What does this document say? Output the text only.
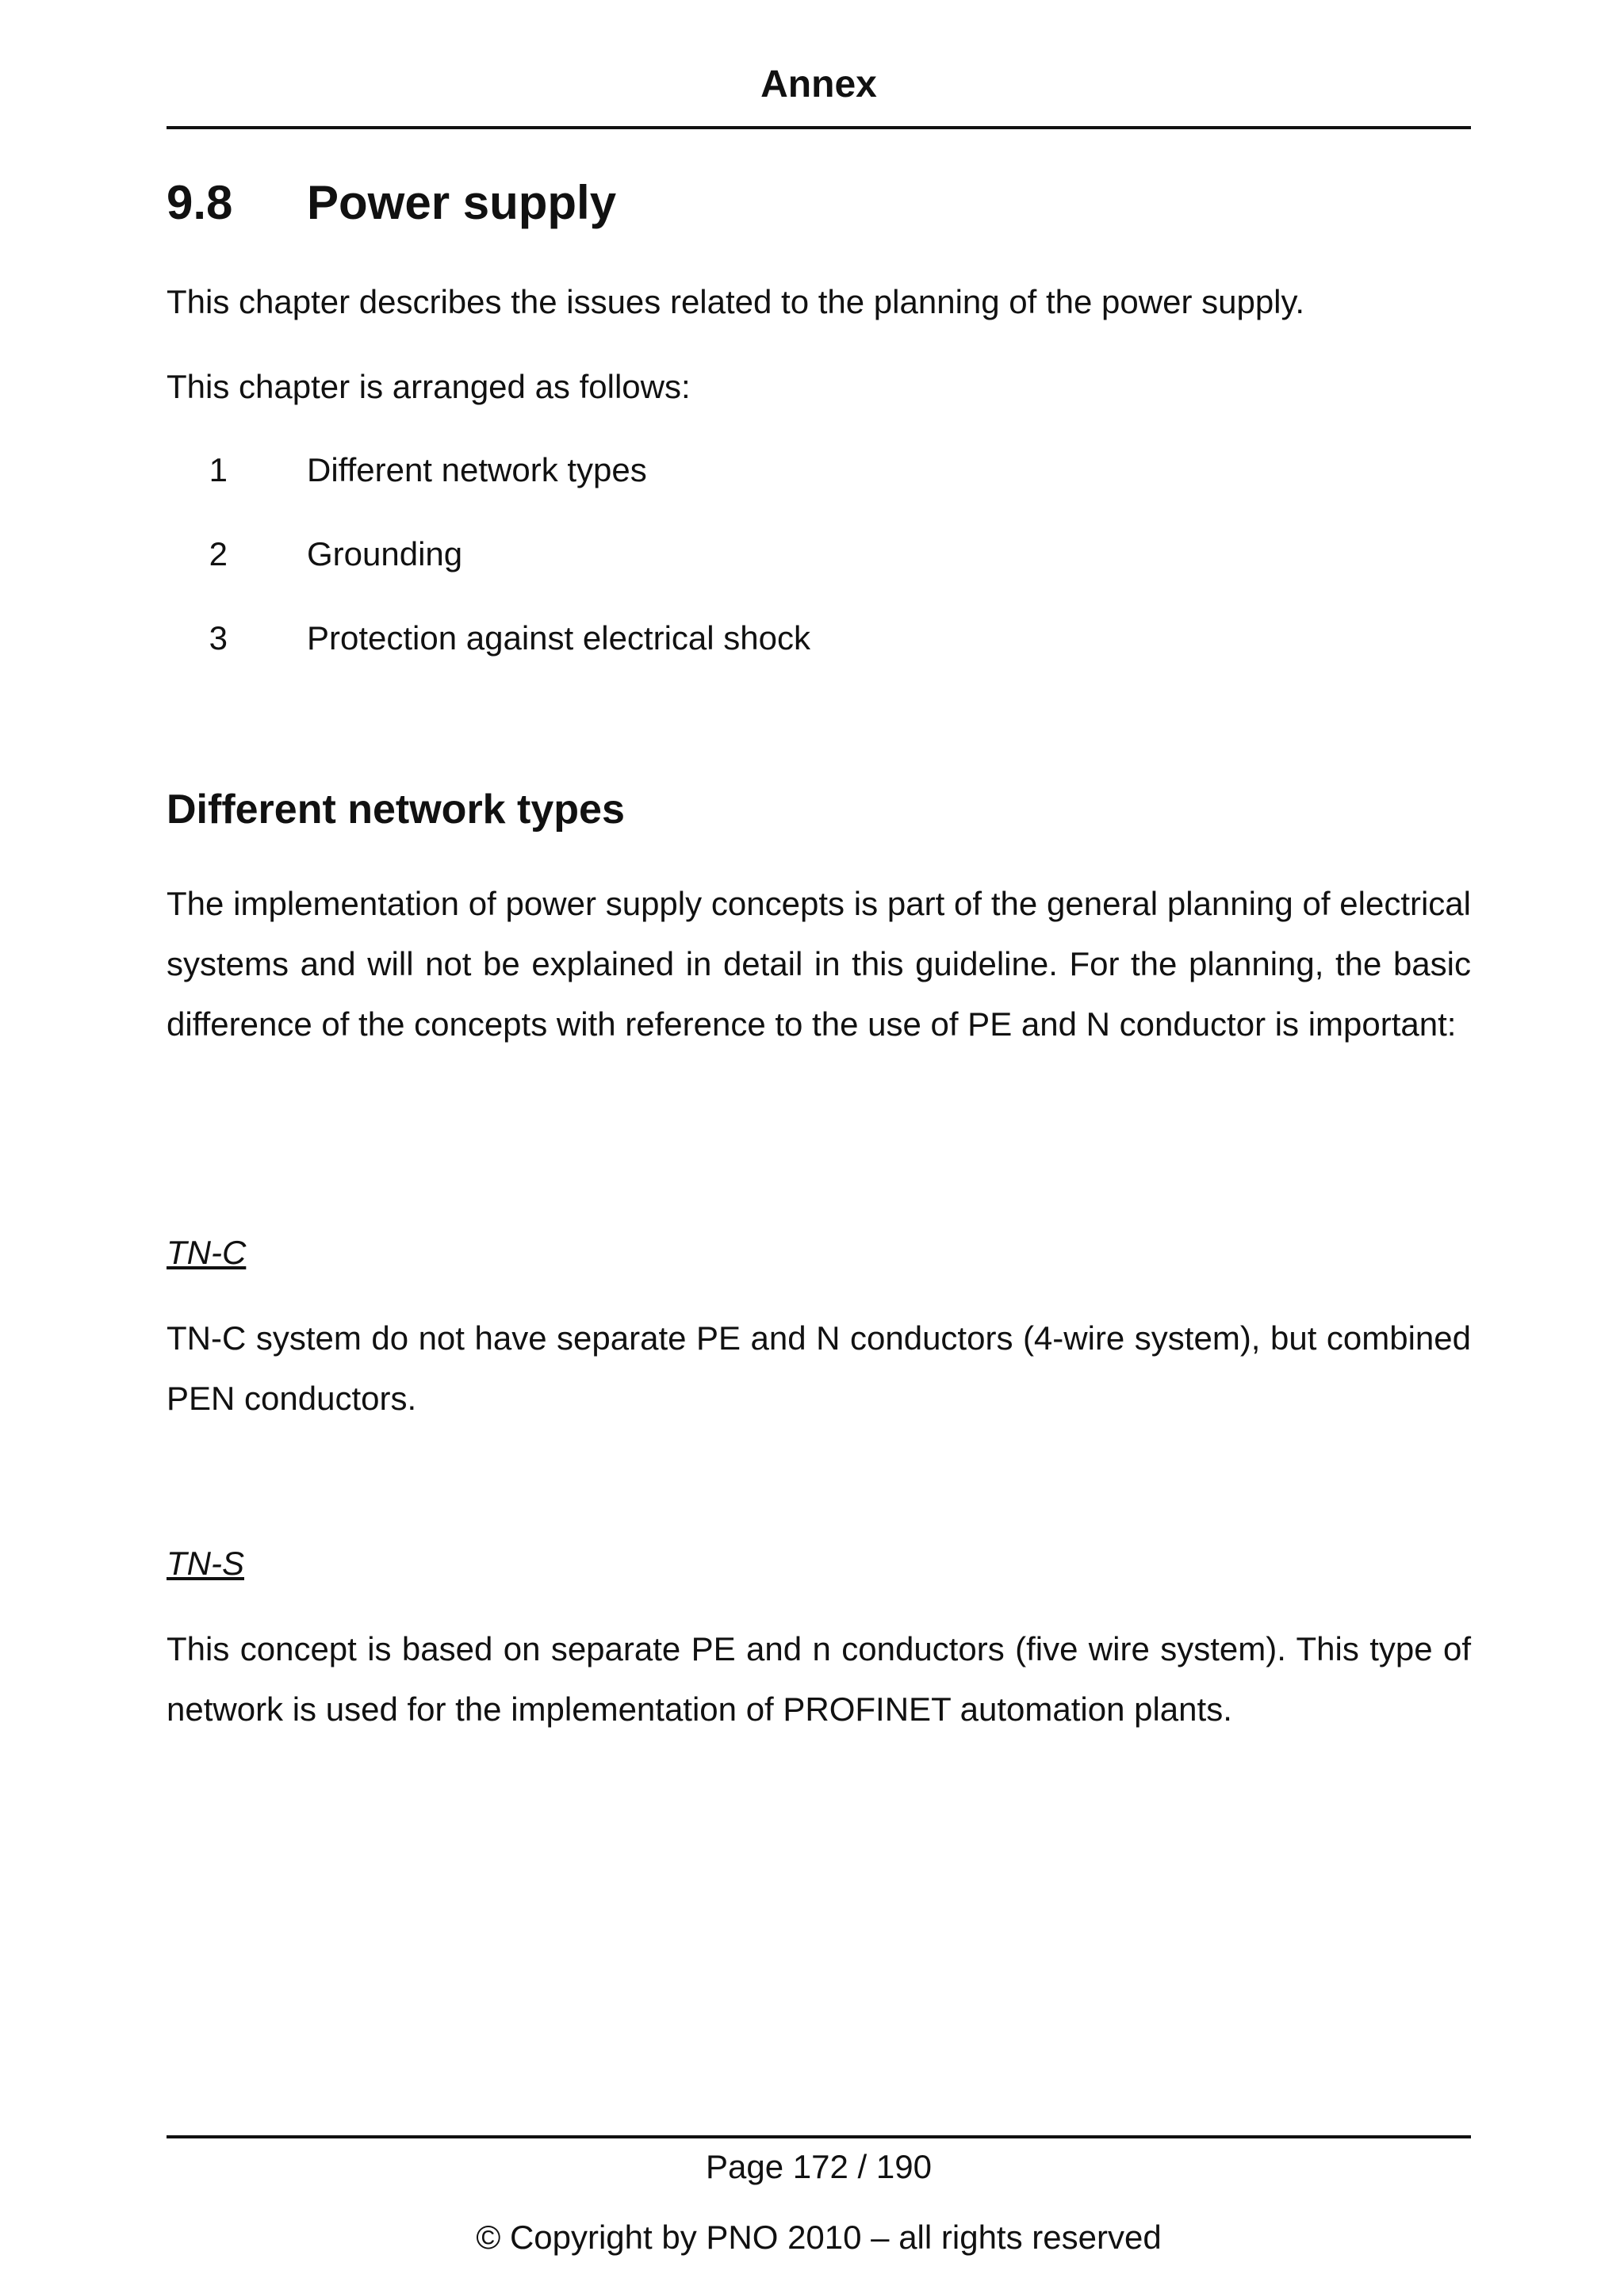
Annex
9.8 Power supply

This chapter describes the issues related to the planning of the power supply.

This chapter is arranged as follows:

1 Different network types
2 Grounding
3 Protection against electrical shock
Different network types

The implementation of power supply concepts is part of the general planning of electrical systems and will not be explained in detail in this guideline. For the planning, the basic difference of the concepts with reference to the use of PE and N conductor is important:

TN-C

TN-C system do not have separate PE and N conductors (4-wire system), but combined PEN conductors.

TN-S

This concept is based on separate PE and n conductors (five wire system). This type of network is used for the implementation of PROFINET automation plants.

Page 172 / 190
© Copyright by PNO 2010 – all rights reserved
